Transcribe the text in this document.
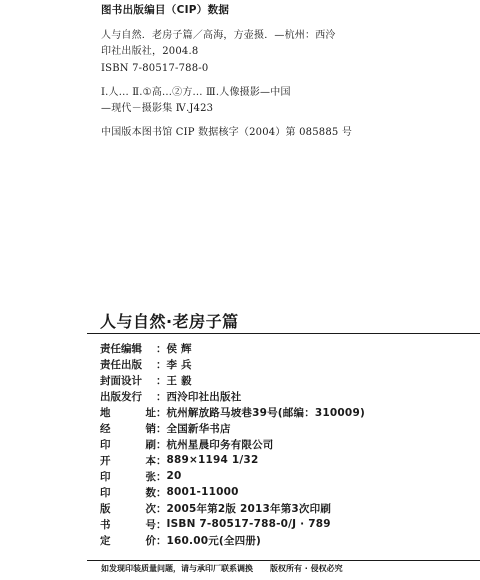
图书出版编目（CIP）数据
人与自然．老房子篇／高海，方壶摄．—杭州：西泠
印社出版社，2004.8
ISBN 7-80517-788-0
Ⅰ.人... Ⅱ.①高...②方... Ⅲ.人像摄影—中国
—现代－摄影集 Ⅳ.J423
中国版本图书馆 CIP 数据核字（2004）第 085885 号
人与自然·老房子篇
责任编辑	： 侯 辉
责任出版	： 李 兵
封面设计	： 王 毅
出版发行	： 西泠印社出版社
地址 ： 杭州解放路马坡巷39号(邮编：310009)
经销 ： 全国新华书店
印刷 ： 杭州星晨印务有限公司
开本 ： 889×1194 1/32
印张 ： 20
印数 ： 8001-11000
版次 ： 2005年第2版 2013年第3次印刷
书号 ： ISBN 7-80517-788-0/J · 789
定价 ： 160.00元(全四册)
如发现印装质量问题，请与承印厂联系调换 版权所有 · 侵权必究
